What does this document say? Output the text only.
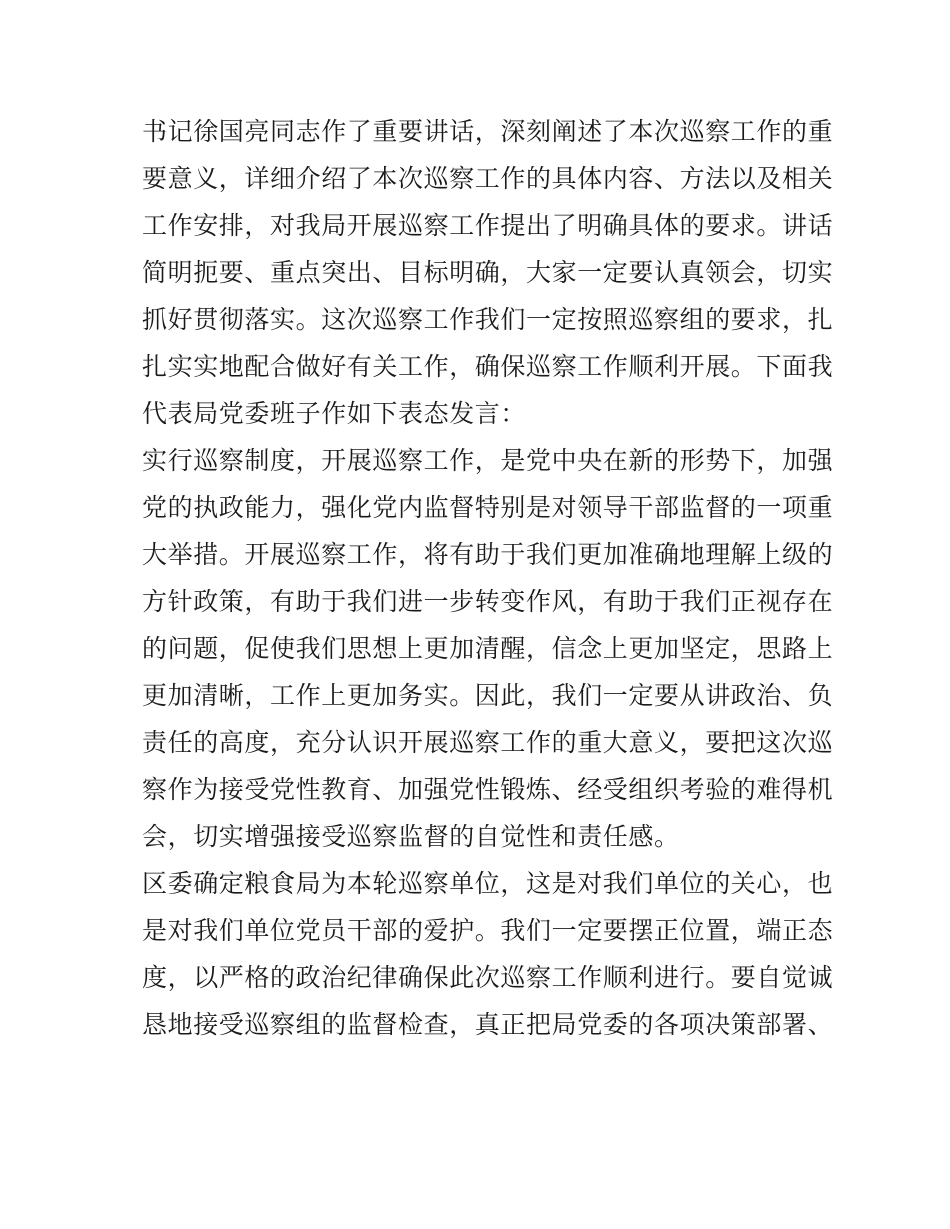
书记徐国亮同志作了重要讲话，深刻阐述了本次巡察工作的重
要意义，详细介绍了本次巡察工作的具体内容、方法以及相关
工作安排，对我局开展巡察工作提出了明确具体的要求。讲话
简明扼要、重点突出、目标明确，大家一定要认真领会，切实
抓好贯彻落实。这次巡察工作我们一定按照巡察组的要求，扎
扎实实地配合做好有关工作，确保巡察工作顺利开展。下面我
代表局党委班子作如下表态发言：
实行巡察制度，开展巡察工作，是党中央在新的形势下，加强
党的执政能力，强化党内监督特别是对领导干部监督的一项重
大举措。开展巡察工作，将有助于我们更加准确地理解上级的
方针政策，有助于我们进一步转变作风，有助于我们正视存在
的问题，促使我们思想上更加清醒，信念上更加坚定，思路上
更加清晰，工作上更加务实。因此，我们一定要从讲政治、负
责任的高度，充分认识开展巡察工作的重大意义，要把这次巡
察作为接受党性教育、加强党性锻炼、经受组织考验的难得机
会，切实增强接受巡察监督的自觉性和责任感。
区委确定粮食局为本轮巡察单位，这是对我们单位的关心，也
是对我们单位党员干部的爱护。我们一定要摆正位置，端正态
度，以严格的政治纪律确保此次巡察工作顺利进行。要自觉诚
恳地接受巡察组的监督检查，真正把局党委的各项决策部署、
